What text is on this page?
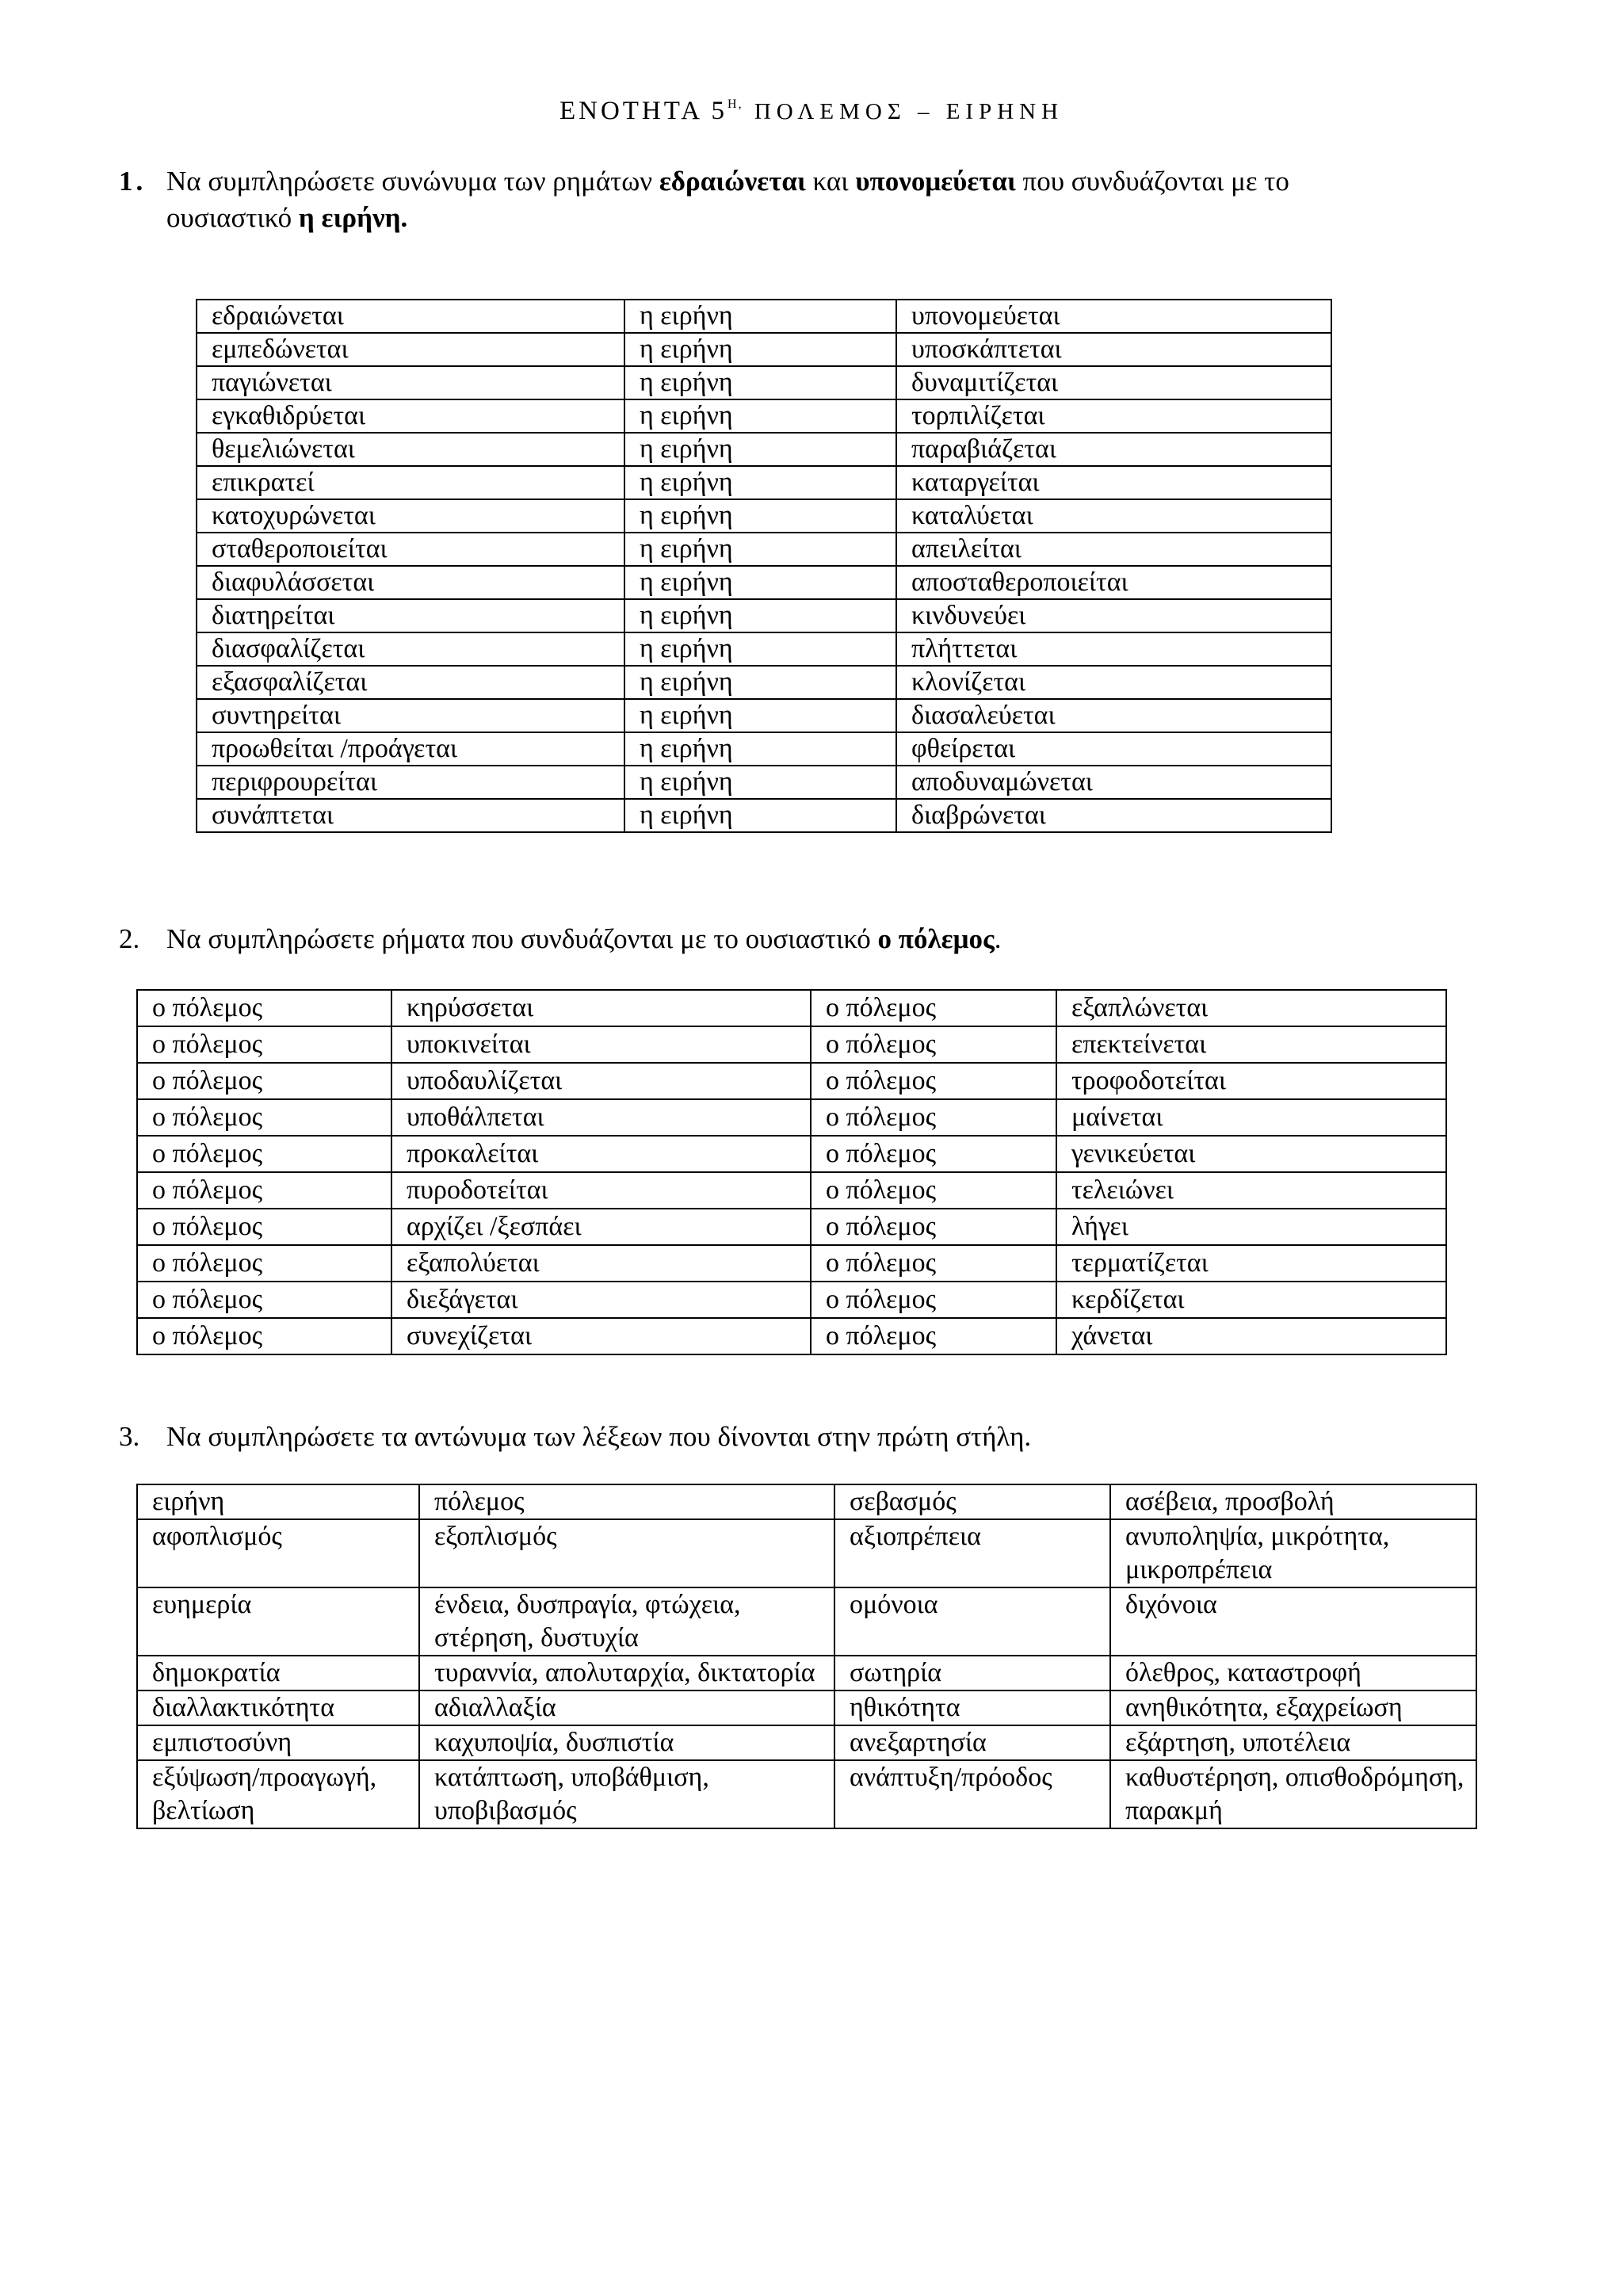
ΕΝΟΤΗΤΑ $5^{H,}$ ΠΟΛΕΜΟΣ – ΕΙΡΗΝΗ
1. Να συμπληρώσετε συνώνυμα των ρημάτων εδραιώνεται και υπονομεύεται που συνδυάζονται με το
ουσιαστικό η ειρήνη.
εδραιώνεται	η ειρήνη	υπονομεύεται
εμπεδώνεται	η ειρήνη	υποσκάπτεται
παγιώνεται	η ειρήνη	δυναμιτίζεται
εγκαθιδρύεται	η ειρήνη	τορπιλίζεται
θεμελιώνεται	η ειρήνη	παραβιάζεται
επικρατεί	η ειρήνη	καταργείται
κατοχυρώνεται	η ειρήνη	καταλύεται
σταθεροποιείται	η ειρήνη	απειλείται
διαφυλάσσεται	η ειρήνη	αποσταθεροποιείται
διατηρείται	η ειρήνη	κινδυνεύει
διασφαλίζεται	η ειρήνη	πλήττεται
εξασφαλίζεται	η ειρήνη	κλονίζεται
συντηρείται	η ειρήνη	διασαλεύεται
προωθείται /προάγεται	η ειρήνη	φθείρεται
περιφρουρείται	η ειρήνη	αποδυναμώνεται
συνάπτεται	η ειρήνη	διαβρώνεται
2. Να συμπληρώσετε ρήματα που συνδυάζονται με το ουσιαστικό ο πόλεμος.
ο πόλεμος	κηρύσσεται	ο πόλεμος	εξαπλώνεται
ο πόλεμος	υποκινείται	ο πόλεμος	επεκτείνεται
ο πόλεμος	υποδαυλίζεται	ο πόλεμος	τροφοδοτείται
ο πόλεμος	υποθάλπεται	ο πόλεμος	μαίνεται
ο πόλεμος	προκαλείται	ο πόλεμος	γενικεύεται
ο πόλεμος	πυροδοτείται	ο πόλεμος	τελειώνει
ο πόλεμος	αρχίζει /ξεσπάει	ο πόλεμος	λήγει
ο πόλεμος	εξαπολύεται	ο πόλεμος	τερματίζεται
ο πόλεμος	διεξάγεται	ο πόλεμος	κερδίζεται
ο πόλεμος	συνεχίζεται	ο πόλεμος	χάνεται
3. Να συμπληρώσετε τα αντώνυμα των λέξεων που δίνονται στην πρώτη στήλη.
ειρήνη	πόλεμος	σεβασμός	ασέβεια, προσβολή
αφοπλισμός	εξοπλισμός	αξιοπρέπεια	ανυποληψία, μικρότητα, μικροπρέπεια
ευημερία	ένδεια, δυσπραγία, φτώχεια, στέρηση, δυστυχία	ομόνοια	διχόνοια
δημοκρατία	τυραννία, απολυταρχία, δικτατορία	σωτηρία	όλεθρος, καταστροφή
διαλλακτικότητα	αδιαλλαξία	ηθικότητα	ανηθικότητα, εξαχρείωση
εμπιστοσύνη	καχυποψία, δυσπιστία	ανεξαρτησία	εξάρτηση, υποτέλεια
εξύψωση/προαγωγή, βελτίωση	κατάπτωση, υποβάθμιση, υποβιβασμός	ανάπτυξη/πρόοδος	καθυστέρηση, οπισθοδρόμηση, παρακμή
